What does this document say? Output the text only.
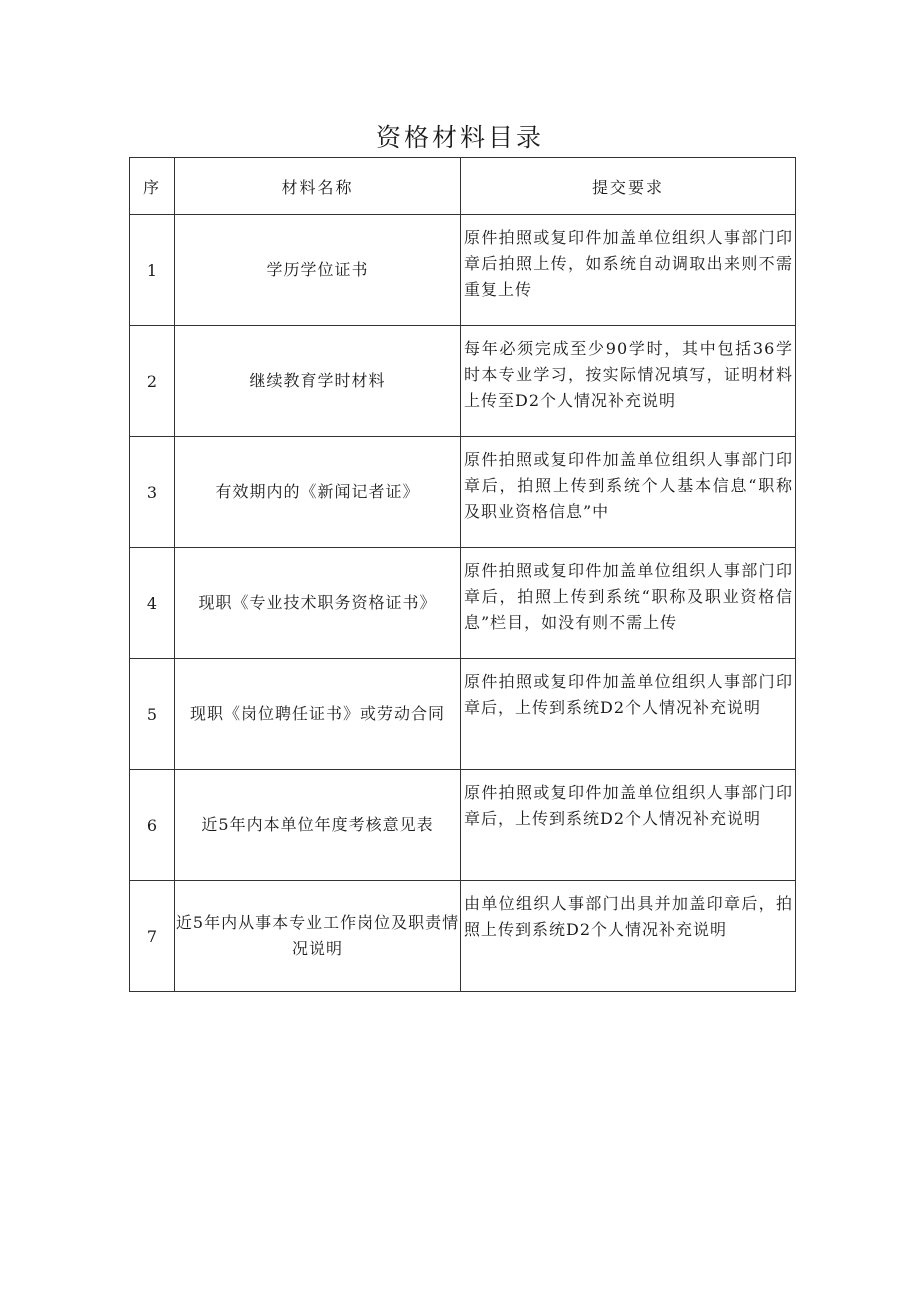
资格材料目录
序	材料名称	提交要求
1	学历学位证书	原件拍照或复印件加盖单位组织人事部门印章后拍照上传，如系统自动调取出来则不需重复上传
2	继续教育学时材料	每年必须完成至少90学时，其中包括36学时本专业学习，按实际情况填写，证明材料上传至D2个人情况补充说明
3	有效期内的《新闻记者证》	原件拍照或复印件加盖单位组织人事部门印章后，拍照上传到系统个人基本信息“职称及职业资格信息”中
4	现职《专业技术职务资格证书》	原件拍照或复印件加盖单位组织人事部门印章后，拍照上传到系统“职称及职业资格信息”栏目，如没有则不需上传
5	现职《岗位聘任证书》或劳动合同	原件拍照或复印件加盖单位组织人事部门印章后，上传到系统D2个人情况补充说明
6	近5年内本单位年度考核意见表	原件拍照或复印件加盖单位组织人事部门印章后，上传到系统D2个人情况补充说明
7	近5年内从事本专业工作岗位及职责情况说明	由单位组织人事部门出具并加盖印章后，拍照上传到系统D2个人情况补充说明
